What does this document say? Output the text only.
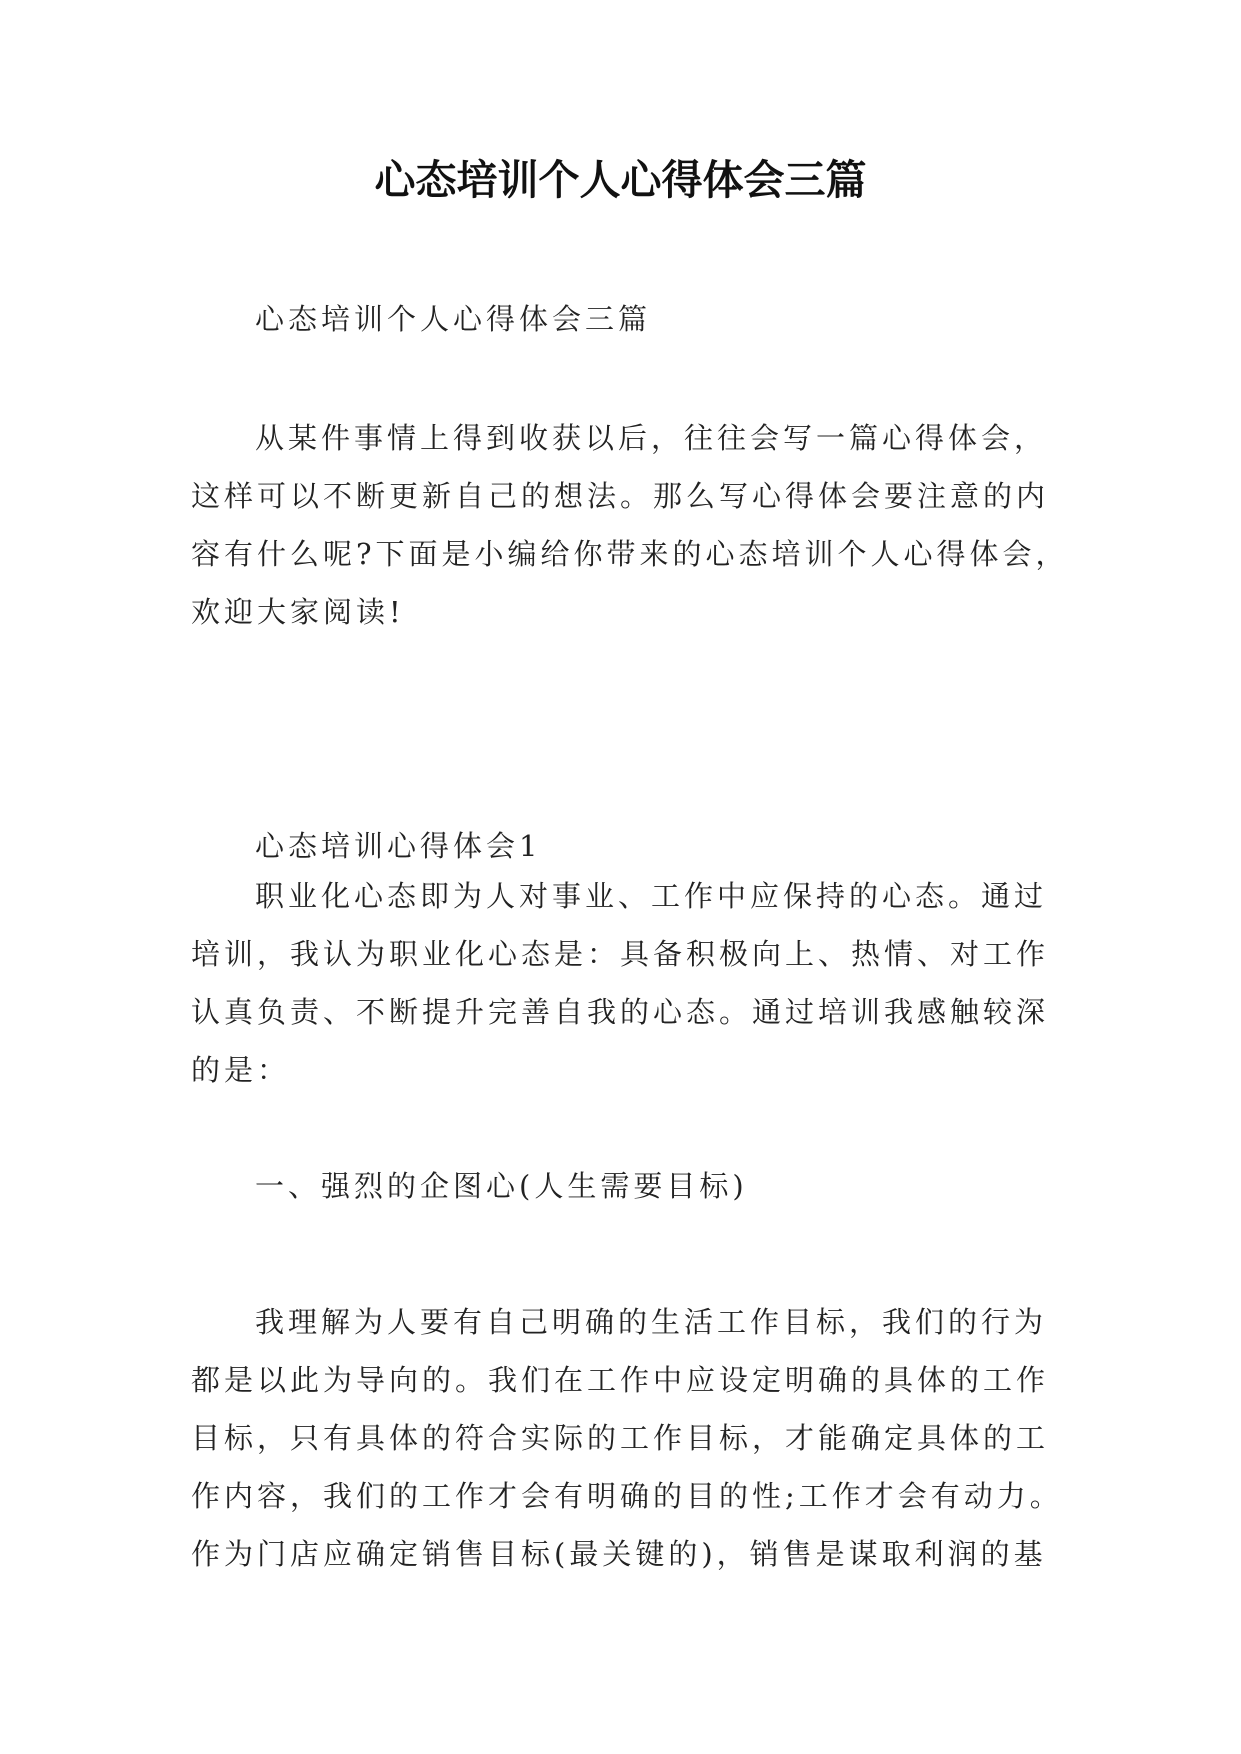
心态培训个人心得体会三篇

心态培训个人心得体会三篇

从某件事情上得到收获以后，往往会写一篇心得体会，这样可以不断更新自己的想法。那么写心得体会要注意的内容有什么呢?下面是小编给你带来的心态培训个人心得体会，欢迎大家阅读!

心态培训心得体会1

职业化心态即为人对事业、工作中应保持的心态。通过培训，我认为职业化心态是：具备积极向上、热情、对工作认真负责、不断提升完善自我的心态。通过培训我感触较深的是：

一、强烈的企图心(人生需要目标)

我理解为人要有自己明确的生活工作目标，我们的行为都是以此为导向的。我们在工作中应设定明确的具体的工作目标，只有具体的符合实际的工作目标，才能确定具体的工作内容，我们的工作才会有明确的目的性;工作才会有动力。作为门店应确定销售目标(最关键的)，销售是谋取利润的基
